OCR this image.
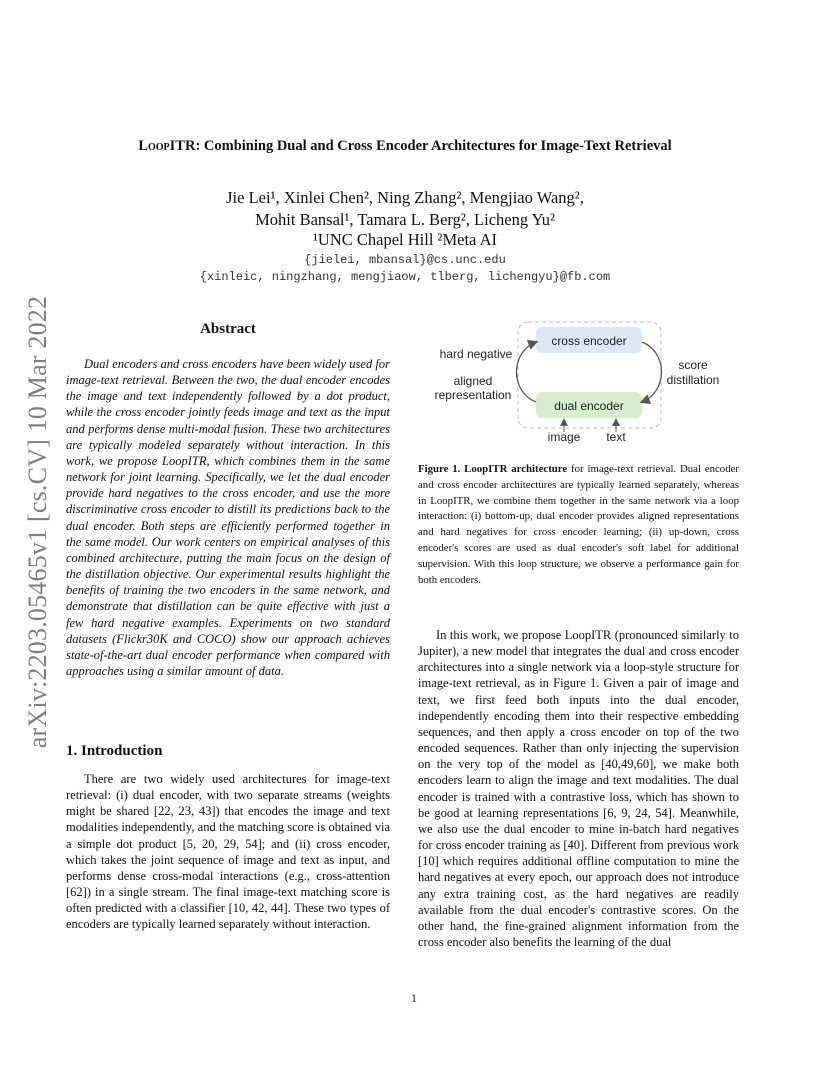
arXiv:2203.05465v1 [cs.CV] 10 Mar 2022
LoopITR: Combining Dual and Cross Encoder Architectures for Image-Text Retrieval
Jie Lei¹, Xinlei Chen², Ning Zhang², Mengjiao Wang²,
Mohit Bansal¹, Tamara L. Berg², Licheng Yu²
¹UNC Chapel Hill ²Meta AI
{jielei, mbansal}@cs.unc.edu
{xinleic, ningzhang, mengjiaow, tlberg, lichengyu}@fb.com
Abstract

Dual encoders and cross encoders have been widely used for image-text retrieval. Between the two, the dual encoder encodes the image and text independently followed by a dot product, while the cross encoder jointly feeds image and text as the input and performs dense multi-modal fusion. These two architectures are typically modeled separately without interaction. In this work, we propose LoopITR, which combines them in the same network for joint learning. Specifically, we let the dual encoder provide hard negatives to the cross encoder, and use the more discriminative cross encoder to distill its predictions back to the dual encoder. Both steps are efficiently performed together in the same model. Our work centers on empirical analyses of this combined architecture, putting the main focus on the design of the distillation objective. Our experimental results highlight the benefits of training the two encoders in the same network, and demonstrate that distillation can be quite effective with just a few hard negative examples. Experiments on two standard datasets (Flickr30K and COCO) show our approach achieves state-of-the-art dual encoder performance when compared with approaches using a similar amount of data.

1. Introduction

There are two widely used architectures for image-text retrieval: (i) dual encoder, with two separate streams (weights might be shared [22, 23, 43]) that encodes the image and text modalities independently, and the matching score is obtained via a simple dot product [5, 20, 29, 54]; and (ii) cross encoder, which takes the joint sequence of image and text as input, and performs dense cross-modal interactions (e.g., cross-attention [62]) in a single stream. The final image-text matching score is often predicted with a classifier [10, 42, 44]. These two types of encoders are typically learned separately without interaction.

cross encoder
dual encoder
hard negative
aligned
representation
score
distillation
image text
Figure 1. LoopITR architecture for image-text retrieval. Dual encoder and cross encoder architectures are typically learned separately, whereas in LoopITR, we combine them together in the same network via a loop interaction: (i) bottom-up, dual encoder provides aligned representations and hard negatives for cross encoder learning; (ii) up-down, cross encoder's scores are used as dual encoder's soft label for additional supervision. With this loop structure, we observe a performance gain for both encoders.

In this work, we propose LoopITR (pronounced similarly to Jupiter), a new model that integrates the dual and cross encoder architectures into a single network via a loop-style structure for image-text retrieval, as in Figure 1. Given a pair of image and text, we first feed both inputs into the dual encoder, independently encoding them into their respective embedding sequences, and then apply a cross encoder on top of the two encoded sequences. Rather than only injecting the supervision on the very top of the model as [40,49,60], we make both encoders learn to align the image and text modalities. The dual encoder is trained with a contrastive loss, which has shown to be good at learning representations [6, 9, 24, 54]. Meanwhile, we also use the dual encoder to mine in-batch hard negatives for cross encoder training as [40]. Different from previous work [10] which requires additional offline computation to mine the hard negatives at every epoch, our approach does not introduce any extra training cost, as the hard negatives are readily available from the dual encoder's contrastive scores. On the other hand, the fine-grained alignment information from the cross encoder also benefits the learning of the dual

1
